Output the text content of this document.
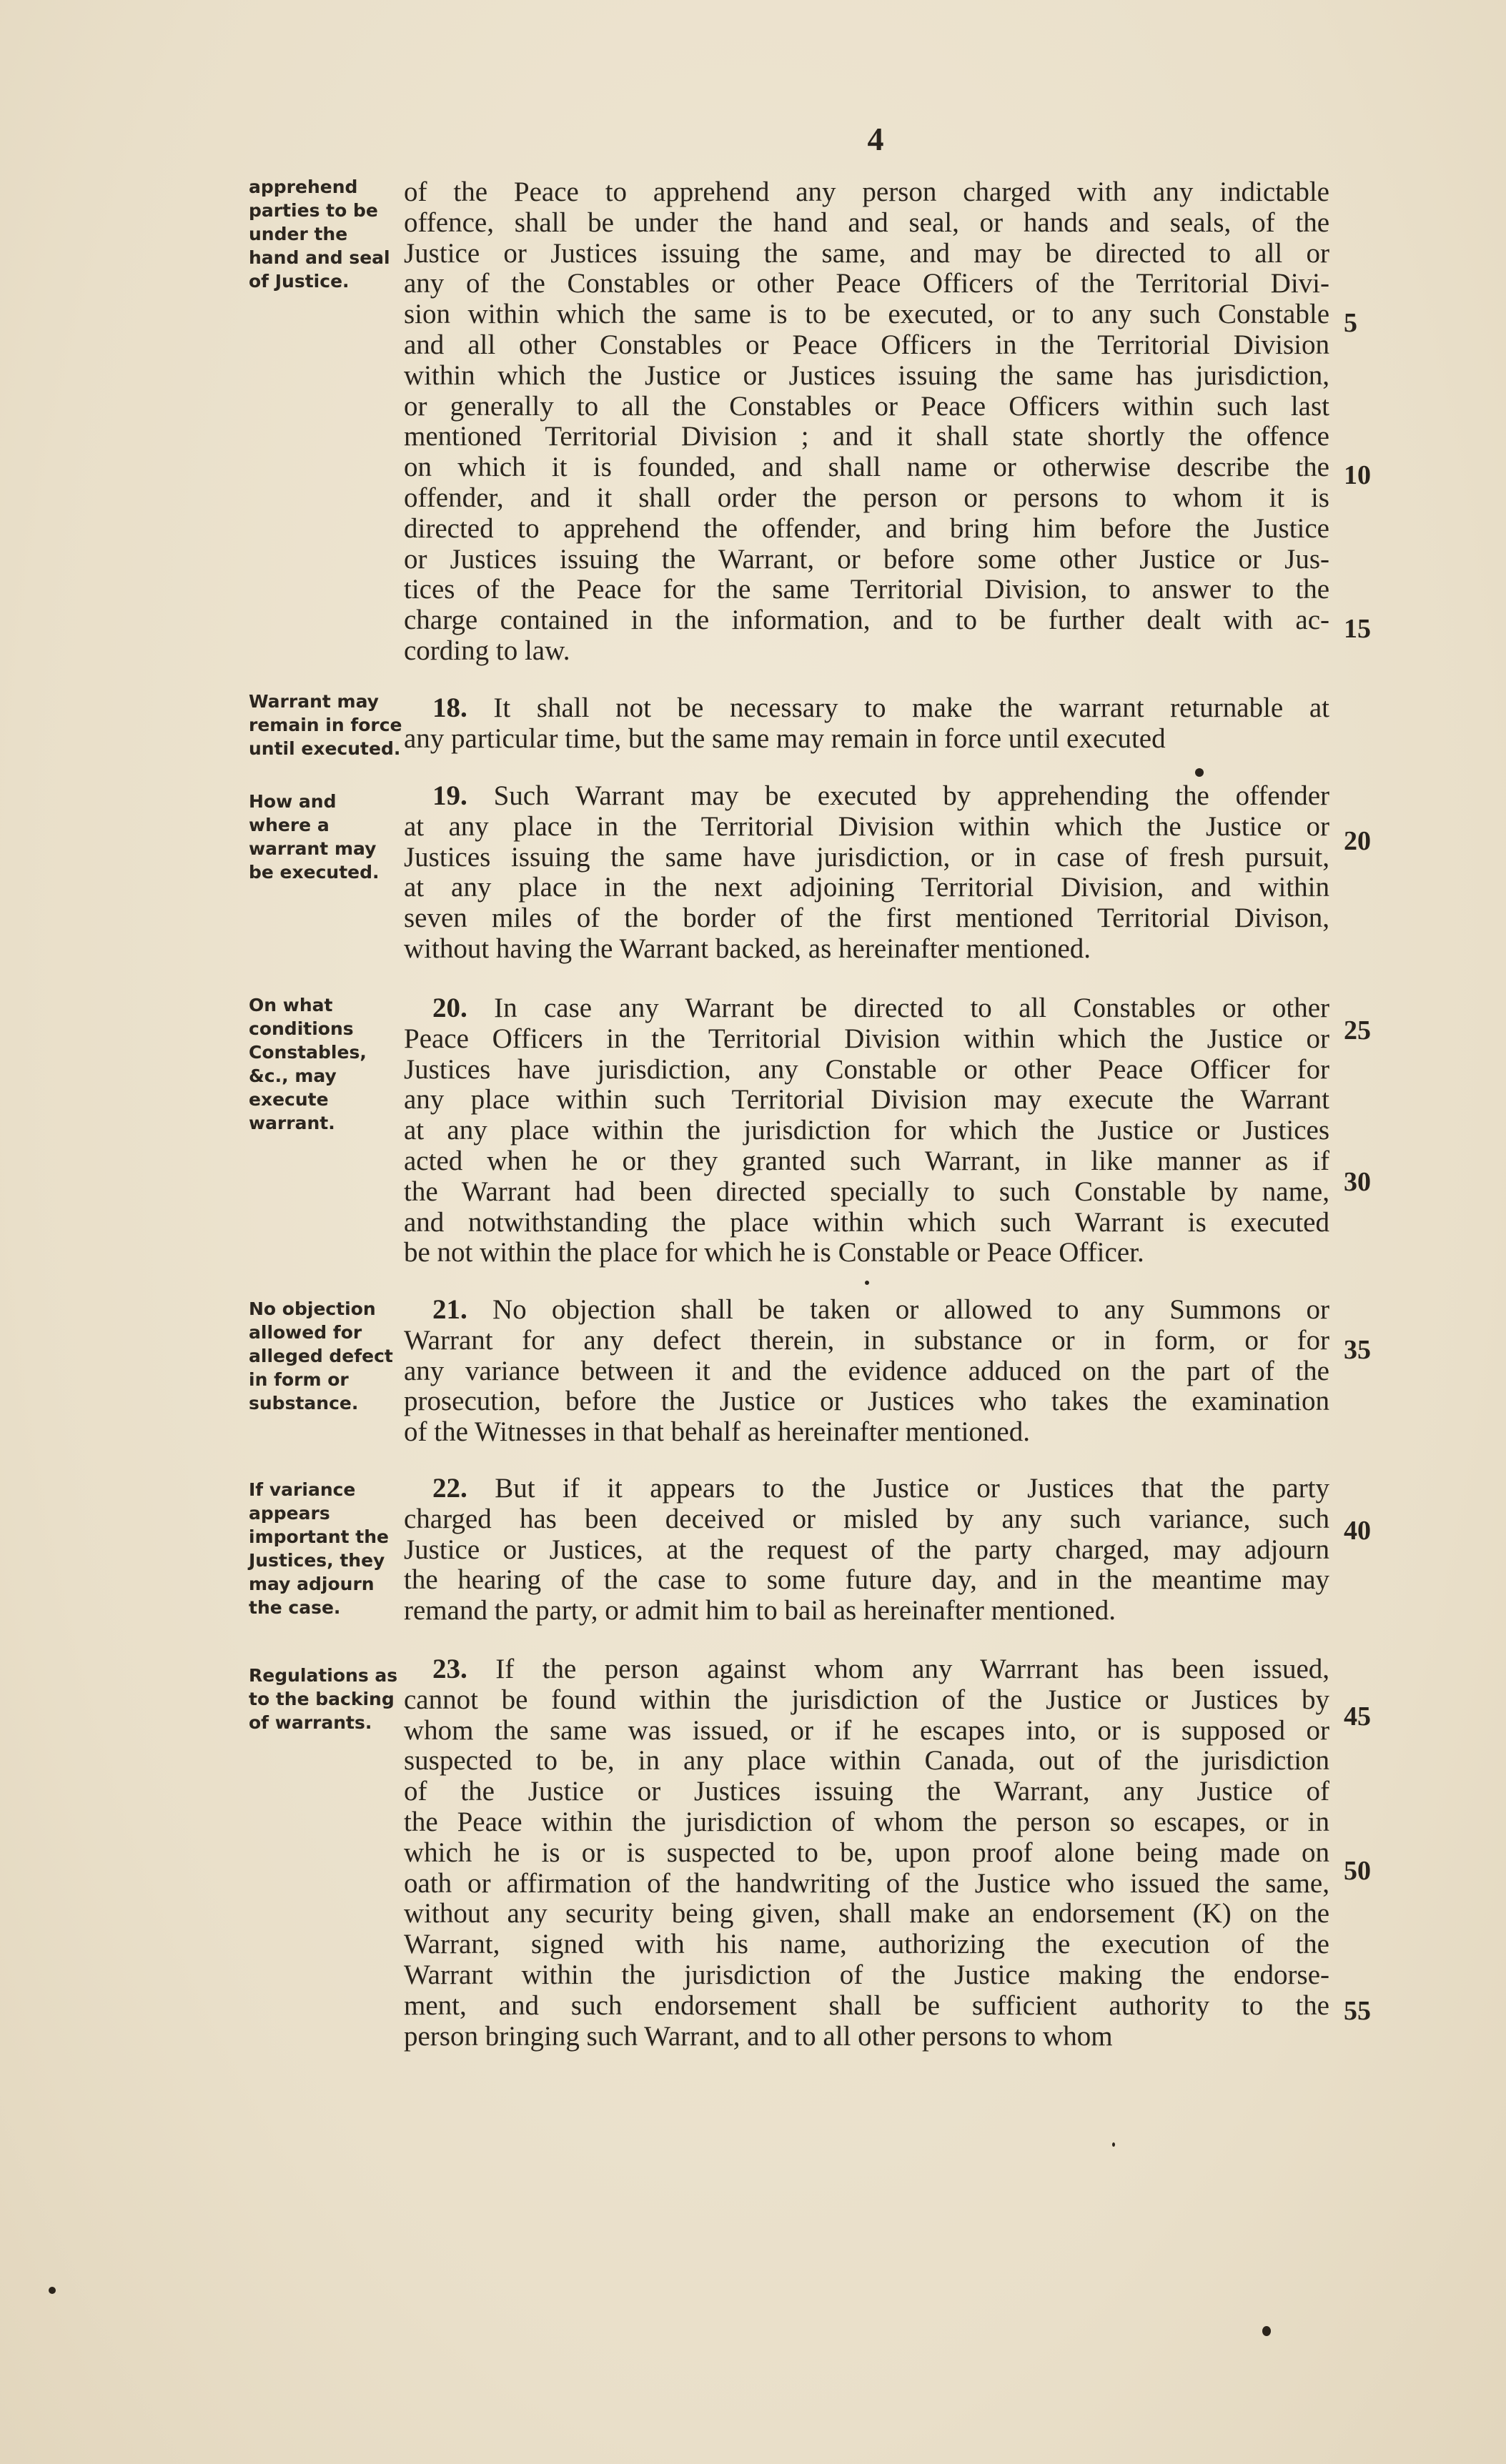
4
apprehend parties to be under the hand and seal of Justice.
of the Peace to apprehend any person charged with any indictable
offence, shall be under the hand and seal, or hands and seals, of the
Justice or Justices issuing the same, and may be directed to all or
any of the Constables or other Peace Officers of the Territorial Divi-
sion within which the same is to be executed, or to any such Constable
and all other Constables or Peace Officers in the Territorial Division
within which the Justice or Justices issuing the same has jurisdiction,
or generally to all the Constables or Peace Officers within such last
mentioned Territorial Division ; and it shall state shortly the offence
on which it is founded, and shall name or otherwise describe the
offender, and it shall order the person or persons to whom it is
directed to apprehend the offender, and bring him before the Justice
or Justices issuing the Warrant, or before some other Justice or Jus-
tices of the Peace for the same Territorial Division, to answer to the
charge contained in the information, and to be further dealt with ac-
cording to law.
Warrant may remain in force until executed.
18. It shall not be necessary to make the warrant returnable at
any particular time, but the same may remain in force until executed
How and where a warrant may be executed.
19. Such Warrant may be executed by apprehending the offender
at any place in the Territorial Division within which the Justice or
Justices issuing the same have jurisdiction, or in case of fresh pursuit,
at any place in the next adjoining Territorial Division, and within
seven miles of the border of the first mentioned Territorial Divison,
without having the Warrant backed, as hereinafter mentioned.
On what conditions Constables, &c., may execute warrant.
20. In case any Warrant be directed to all Constables or other
Peace Officers in the Territorial Division within which the Justice or
Justices have jurisdiction, any Constable or other Peace Officer for
any place within such Territorial Division may execute the Warrant
at any place within the jurisdiction for which the Justice or Justices
acted when he or they granted such Warrant, in like manner as if
the Warrant had been directed specially to such Constable by name,
and notwithstanding the place within which such Warrant is executed
be not within the place for which he is Constable or Peace Officer.
No objection allowed for alleged defect in form or substance.
21. No objection shall be taken or allowed to any Summons or
Warrant for any defect therein, in substance or in form, or for
any variance between it and the evidence adduced on the part of the
prosecution, before the Justice or Justices who takes the examination
of the Witnesses in that behalf as hereinafter mentioned.
If variance appears important the Justices, they may adjourn the case.
22. But if it appears to the Justice or Justices that the party
charged has been deceived or misled by any such variance, such
Justice or Justices, at the request of the party charged, may adjourn
the hearing of the case to some future day, and in the meantime may
remand the party, or admit him to bail as hereinafter mentioned.
Regulations as to the backing of warrants.
23. If the person against whom any Warrrant has been issued,
cannot be found within the jurisdiction of the Justice or Justices by
whom the same was issued, or if he escapes into, or is supposed or
suspected to be, in any place within Canada, out of the jurisdiction
of the Justice or Justices issuing the Warrant, any Justice of
the Peace within the jurisdiction of whom the person so escapes, or in
which he is or is suspected to be, upon proof alone being made on
oath or affirmation of the handwriting of the Justice who issued the same,
without any security being given, shall make an endorsement (K) on the
Warrant, signed with his name, authorizing the execution of the
Warrant within the jurisdiction of the Justice making the endorse-
ment, and such endorsement shall be sufficient authority to the
person bringing such Warrant, and to all other persons to whom
5
10
15
20
25
30
35
40
45
50
55
